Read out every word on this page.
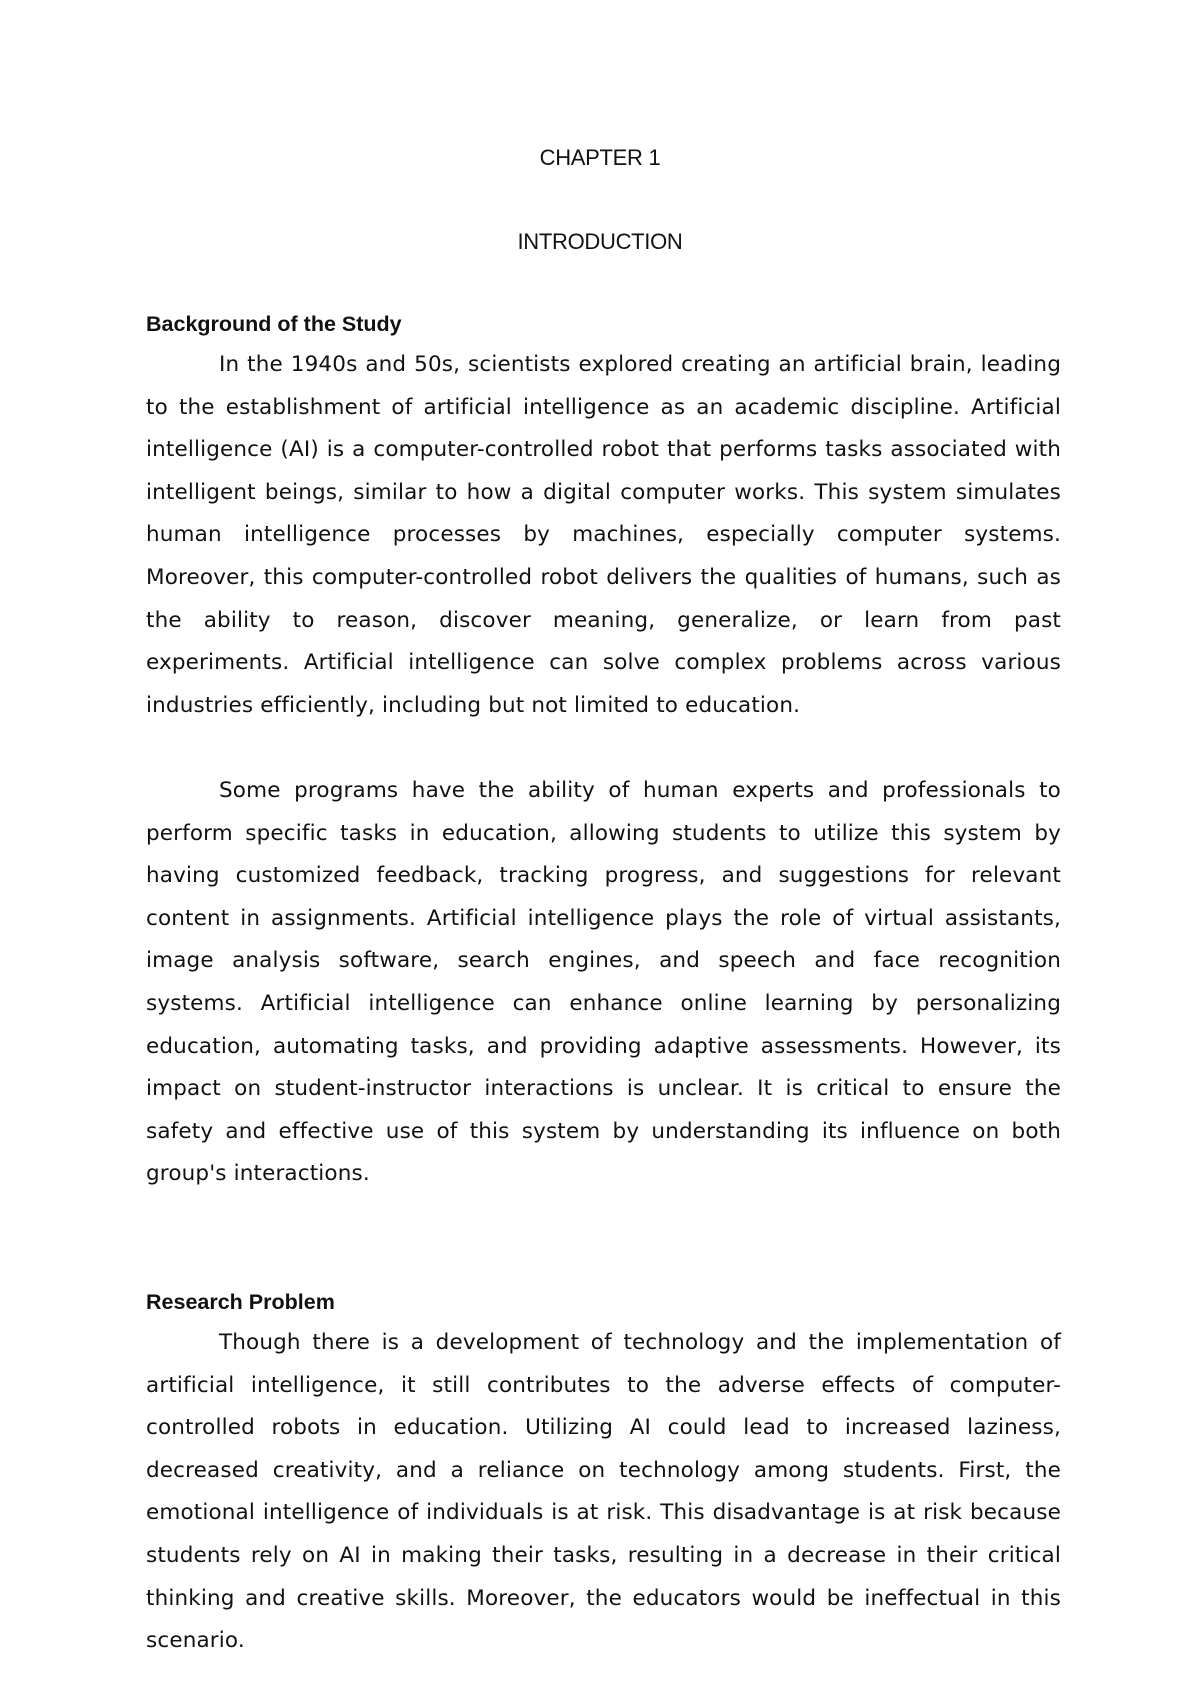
CHAPTER 1
INTRODUCTION
Background of the Study

In the 1940s and 50s, scientists explored creating an artificial brain, leading to the establishment of artificial intelligence as an academic discipline. Artificial intelligence (AI) is a computer-controlled robot that performs tasks associated with intelligent beings, similar to how a digital computer works. This system simulates human intelligence processes by machines, especially computer systems. Moreover, this computer-controlled robot delivers the qualities of humans, such as the ability to reason, discover meaning, generalize, or learn from past experiments. Artificial intelligence can solve complex problems across various industries efficiently, including but not limited to education.

Some programs have the ability of human experts and professionals to perform specific tasks in education, allowing students to utilize this system by having customized feedback, tracking progress, and suggestions for relevant content in assignments. Artificial intelligence plays the role of virtual assistants, image analysis software, search engines, and speech and face recognition systems. Artificial intelligence can enhance online learning by personalizing education, automating tasks, and providing adaptive assessments. However, its impact on student-instructor interactions is unclear. It is critical to ensure the safety and effective use of this system by understanding its influence on both group's interactions.

Research Problem

Though there is a development of technology and the implementation of artificial intelligence, it still contributes to the adverse effects of computer-controlled robots in education. Utilizing AI could lead to increased laziness, decreased creativity, and a reliance on technology among students. First, the emotional intelligence of individuals is at risk. This disadvantage is at risk because students rely on AI in making their tasks, resulting in a decrease in their critical thinking and creative skills. Moreover, the educators would be ineffectual in this scenario.
